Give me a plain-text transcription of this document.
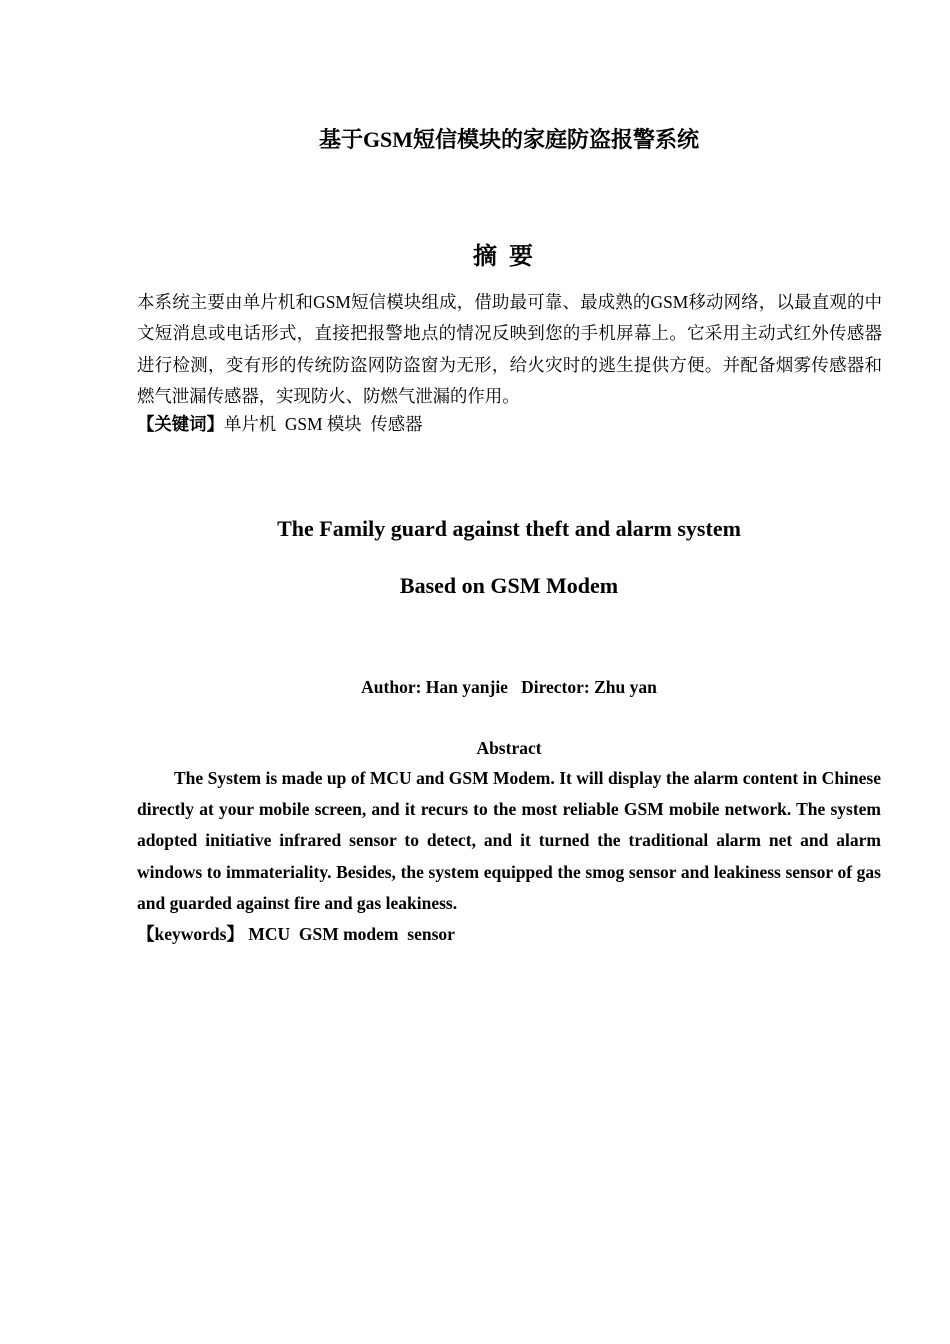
基于GSM短信模块的家庭防盗报警系统
摘要
本系统主要由单片机和GSM短信模块组成，借助最可靠、最成熟的GSM移动网络，以最直观的中文短消息或电话形式，直接把报警地点的情况反映到您的手机屏幕上。它采用主动式红外传感器进行检测，变有形的传统防盗网防盗窗为无形，给火灾时的逃生提供方便。并配备烟雾传感器和燃气泄漏传感器，实现防火、防燃气泄漏的作用。
【关键词】单片机  GSM 模块  传感器
The Family guard against theft and alarm system
Based on GSM Modem
Author: Han yanjie   Director: Zhu yan
Abstract
The System is made up of MCU and GSM Modem. It will display the alarm content in Chinese directly at your mobile screen, and it recurs to the most reliable GSM mobile network. The system adopted initiative infrared sensor to detect, and it turned the traditional alarm net and alarm windows to immateriality. Besides, the system equipped the smog sensor and leakiness sensor of gas and guarded against fire and gas leakiness.
【keywords】 MCU  GSM modem  sensor
